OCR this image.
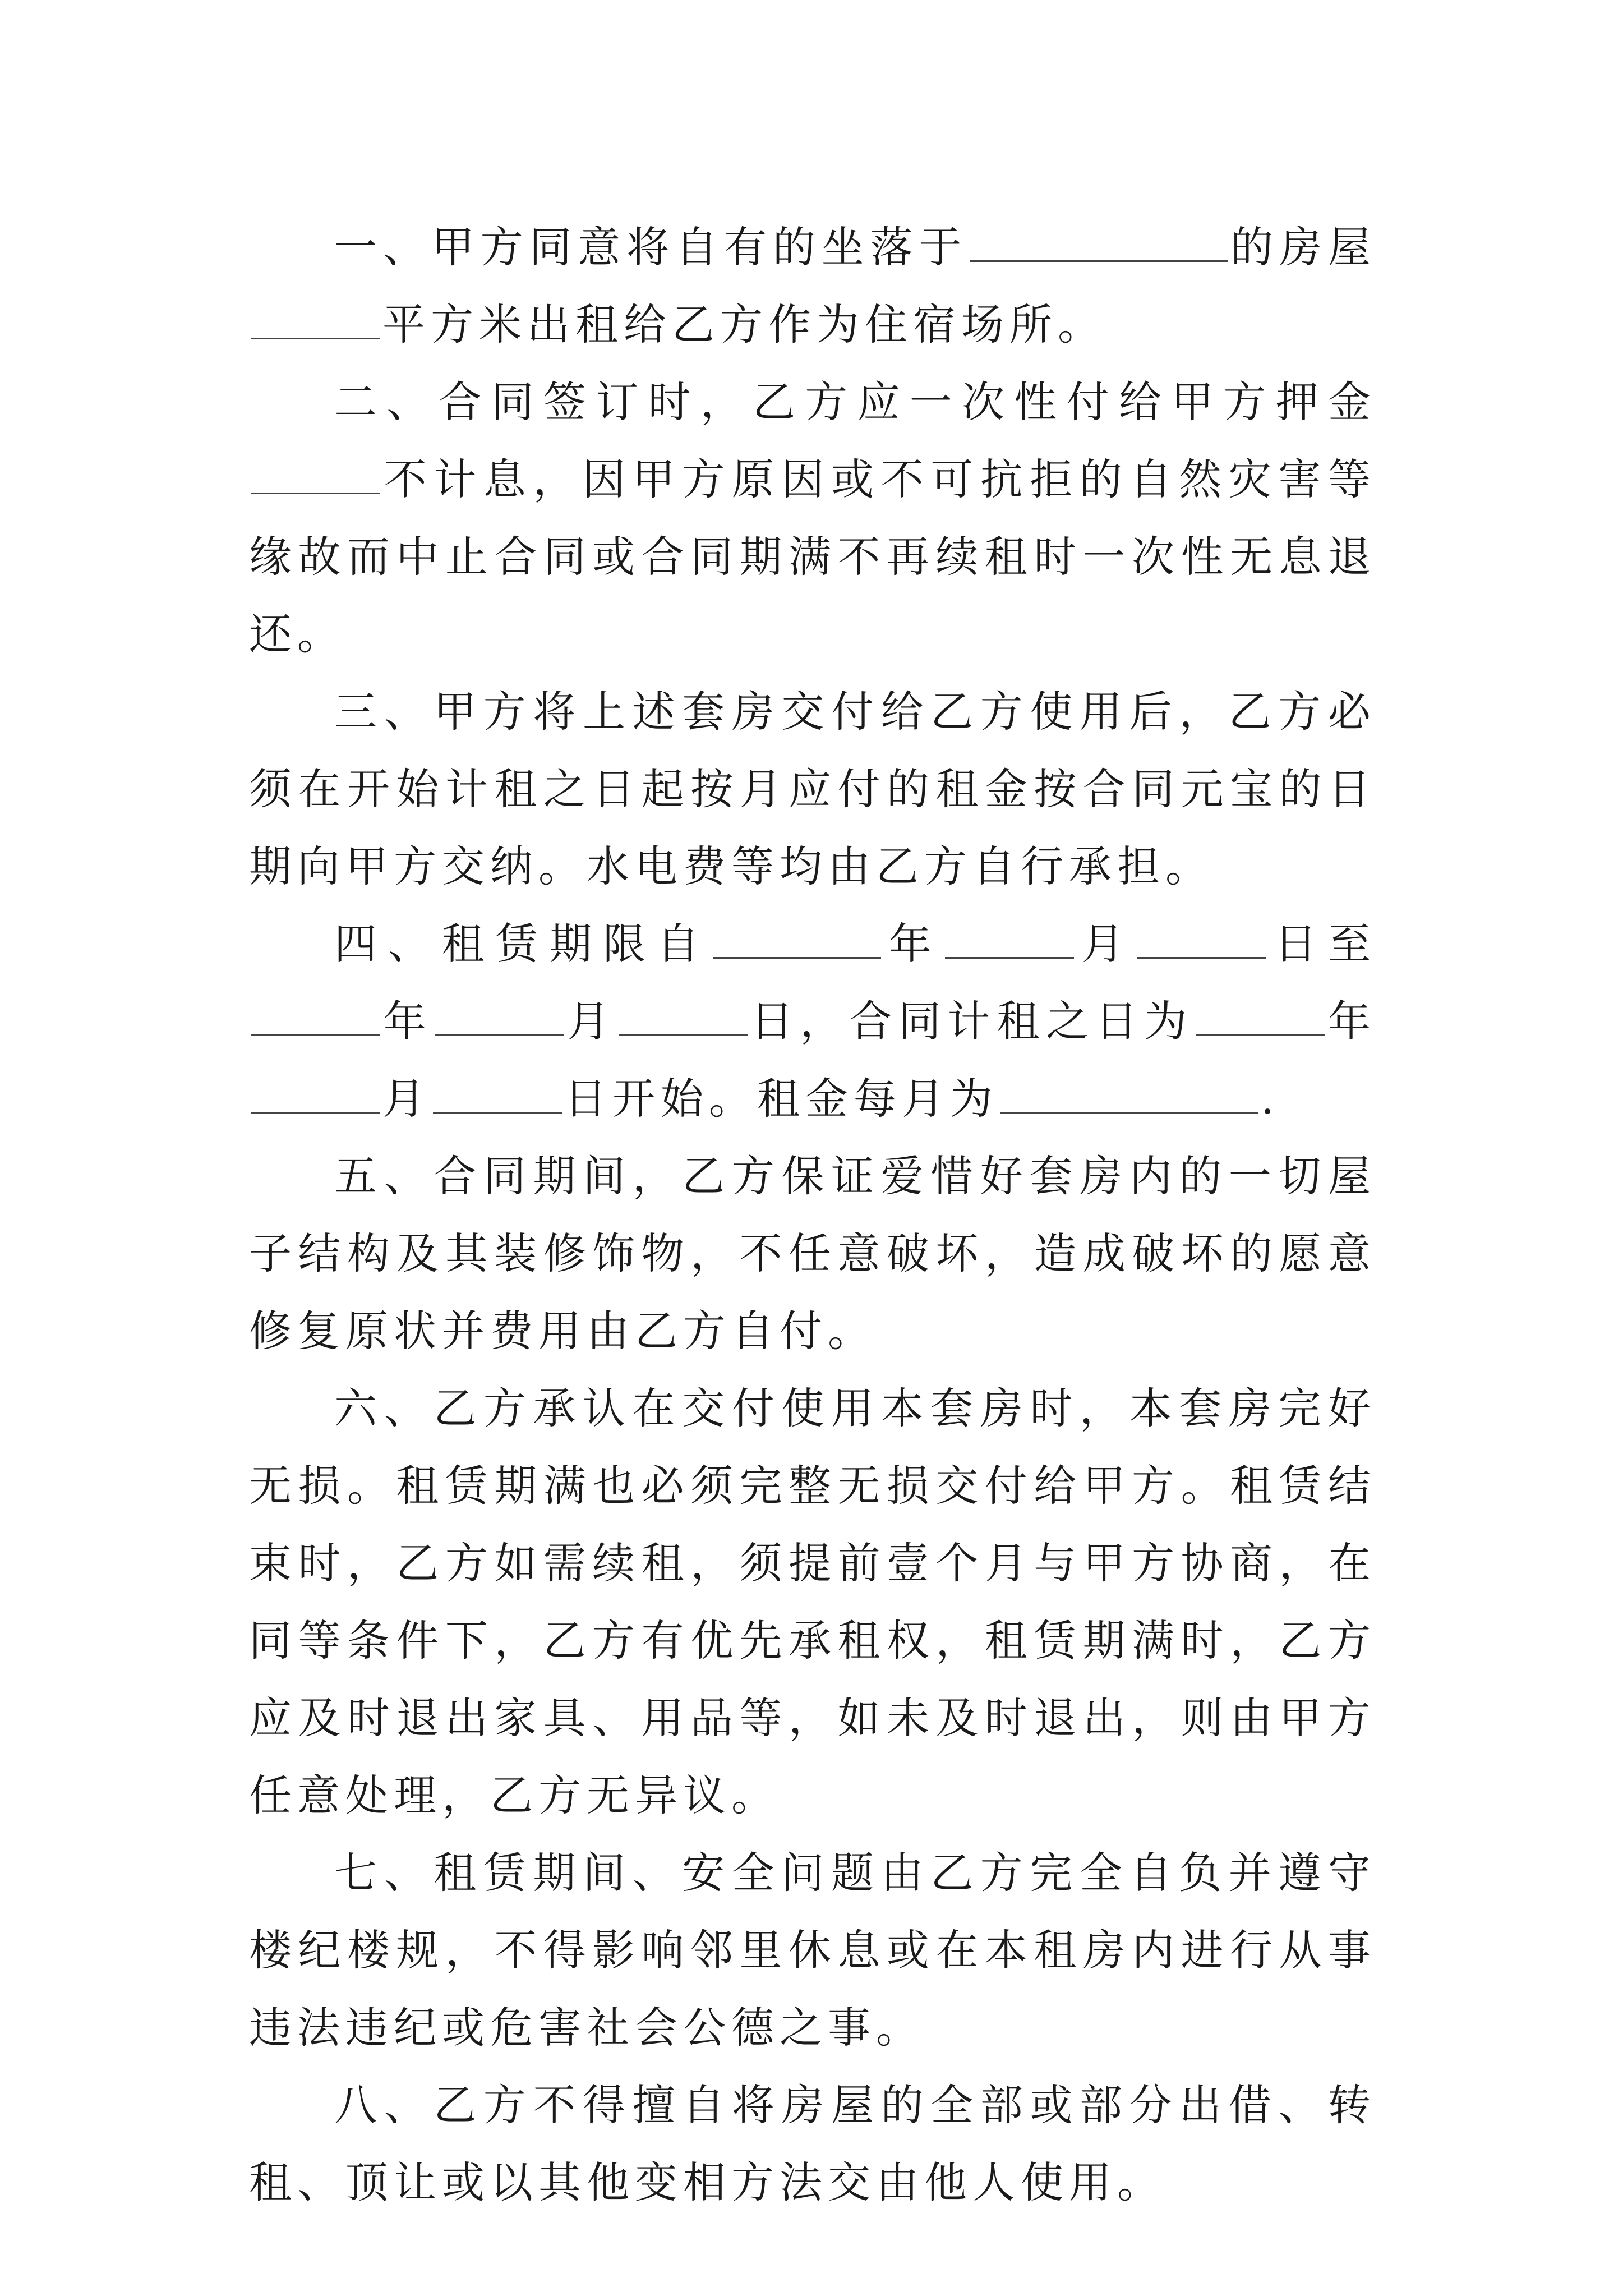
一、甲方同意将自有的坐落于	的房屋平方米出租给乙方作为住宿场所。

二、合同签订时，乙方应一次性付给甲方押金不计息，因甲方原因或不可抗拒的自然灾害等缘故而中止合同或合同期满不再续租时一次性无息退还。

三、甲方将上述套房交付给乙方使用后，乙方必须在开始计租之日起按月应付的租金按合同元宝的日期向甲方交纳。水电费等均由乙方自行承担。

四、租赁期限自	年	月	日至年	月	日，合同计租之日为	年月	日开始。租金每月为	.

五、合同期间，乙方保证爱惜好套房内的一切屋子结构及其装修饰物，不任意破坏，造成破坏的愿意修复原状并费用由乙方自付。

六、乙方承认在交付使用本套房时，本套房完好无损。租赁期满也必须完整无损交付给甲方。租赁结束时，乙方如需续租，须提前壹个月与甲方协商，在同等条件下，乙方有优先承租权，租赁期满时，乙方应及时退出家具、用品等，如未及时退出，则由甲方任意处理，乙方无异议。

七、租赁期间、安全问题由乙方完全自负并遵守楼纪楼规，不得影响邻里休息或在本租房内进行从事违法违纪或危害社会公德之事。

八、乙方不得擅自将房屋的全部或部分出借、转租、顶让或以其他变相方法交由他人使用。
